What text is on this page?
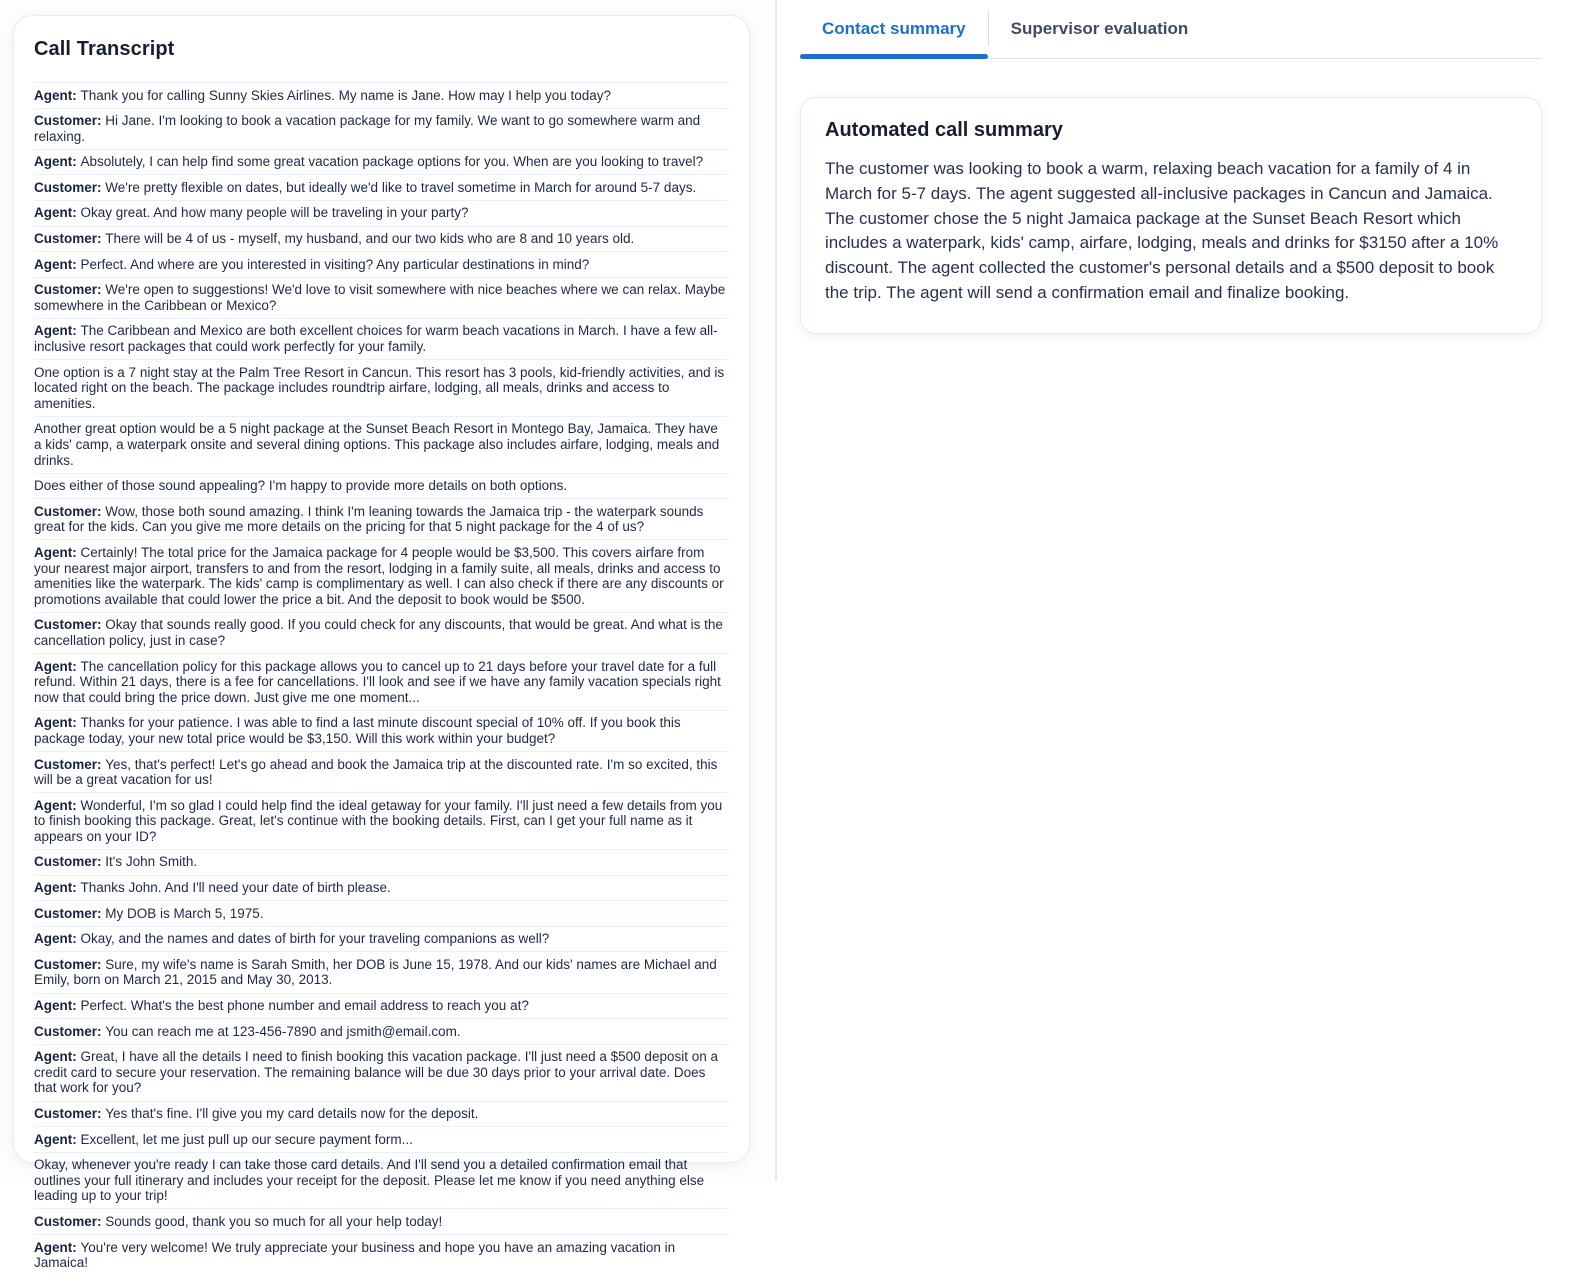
Call Transcript
Agent: Thank you for calling Sunny Skies Airlines. My name is Jane. How may I help you today?
Customer: Hi Jane. I'm looking to book a vacation package for my family. We want to go somewhere warm and relaxing.
Agent: Absolutely, I can help find some great vacation package options for you. When are you looking to travel?
Customer: We're pretty flexible on dates, but ideally we'd like to travel sometime in March for around 5-7 days.
Agent: Okay great. And how many people will be traveling in your party?
Customer: There will be 4 of us - myself, my husband, and our two kids who are 8 and 10 years old.
Agent: Perfect. And where are you interested in visiting? Any particular destinations in mind?
Customer: We're open to suggestions! We'd love to visit somewhere with nice beaches where we can relax. Maybe somewhere in the Caribbean or Mexico?
Agent: The Caribbean and Mexico are both excellent choices for warm beach vacations in March. I have a few all-inclusive resort packages that could work perfectly for your family.
One option is a 7 night stay at the Palm Tree Resort in Cancun. This resort has 3 pools, kid-friendly activities, and is located right on the beach. The package includes roundtrip airfare, lodging, all meals, drinks and access to amenities.
Another great option would be a 5 night package at the Sunset Beach Resort in Montego Bay, Jamaica. They have a kids' camp, a waterpark onsite and several dining options. This package also includes airfare, lodging, meals and drinks.
Does either of those sound appealing? I'm happy to provide more details on both options.
Customer: Wow, those both sound amazing. I think I'm leaning towards the Jamaica trip - the waterpark sounds great for the kids. Can you give me more details on the pricing for that 5 night package for the 4 of us?
Agent: Certainly! The total price for the Jamaica package for 4 people would be $3,500. This covers airfare from your nearest major airport, transfers to and from the resort, lodging in a family suite, all meals, drinks and access to amenities like the waterpark. The kids' camp is complimentary as well. I can also check if there are any discounts or promotions available that could lower the price a bit. And the deposit to book would be $500.
Customer: Okay that sounds really good. If you could check for any discounts, that would be great. And what is the cancellation policy, just in case?
Agent: The cancellation policy for this package allows you to cancel up to 21 days before your travel date for a full refund. Within 21 days, there is a fee for cancellations. I'll look and see if we have any family vacation specials right now that could bring the price down. Just give me one moment...
Agent: Thanks for your patience. I was able to find a last minute discount special of 10% off. If you book this package today, your new total price would be $3,150. Will this work within your budget?
Customer: Yes, that's perfect! Let's go ahead and book the Jamaica trip at the discounted rate. I'm so excited, this will be a great vacation for us!
Agent: Wonderful, I'm so glad I could help find the ideal getaway for your family. I'll just need a few details from you to finish booking this package. Great, let's continue with the booking details. First, can I get your full name as it appears on your ID?
Customer: It's John Smith.
Agent: Thanks John. And I'll need your date of birth please.
Customer: My DOB is March 5, 1975.
Agent: Okay, and the names and dates of birth for your traveling companions as well?
Customer: Sure, my wife's name is Sarah Smith, her DOB is June 15, 1978. And our kids' names are Michael and Emily, born on March 21, 2015 and May 30, 2013.
Agent: Perfect. What's the best phone number and email address to reach you at?
Customer: You can reach me at 123-456-7890 and jsmith@email.com.
Agent: Great, I have all the details I need to finish booking this vacation package. I'll just need a $500 deposit on a credit card to secure your reservation. The remaining balance will be due 30 days prior to your arrival date. Does that work for you?
Customer: Yes that's fine. I'll give you my card details now for the deposit.
Agent: Excellent, let me just pull up our secure payment form...
Okay, whenever you're ready I can take those card details. And I'll send you a detailed confirmation email that outlines your full itinerary and includes your receipt for the deposit. Please let me know if you need anything else leading up to your trip!
Customer: Sounds good, thank you so much for all your help today!
Agent: You're very welcome! We truly appreciate your business and hope you have an amazing vacation in Jamaica!
Contact summary	Supervisor evaluation
Automated call summary
The customer was looking to book a warm, relaxing beach vacation for a family of 4 in March for 5-7 days. The agent suggested all-inclusive packages in Cancun and Jamaica. The customer chose the 5 night Jamaica package at the Sunset Beach Resort which includes a waterpark, kids' camp, airfare, lodging, meals and drinks for $3150 after a 10% discount. The agent collected the customer's personal details and a $500 deposit to book the trip. The agent will send a confirmation email and finalize booking.
